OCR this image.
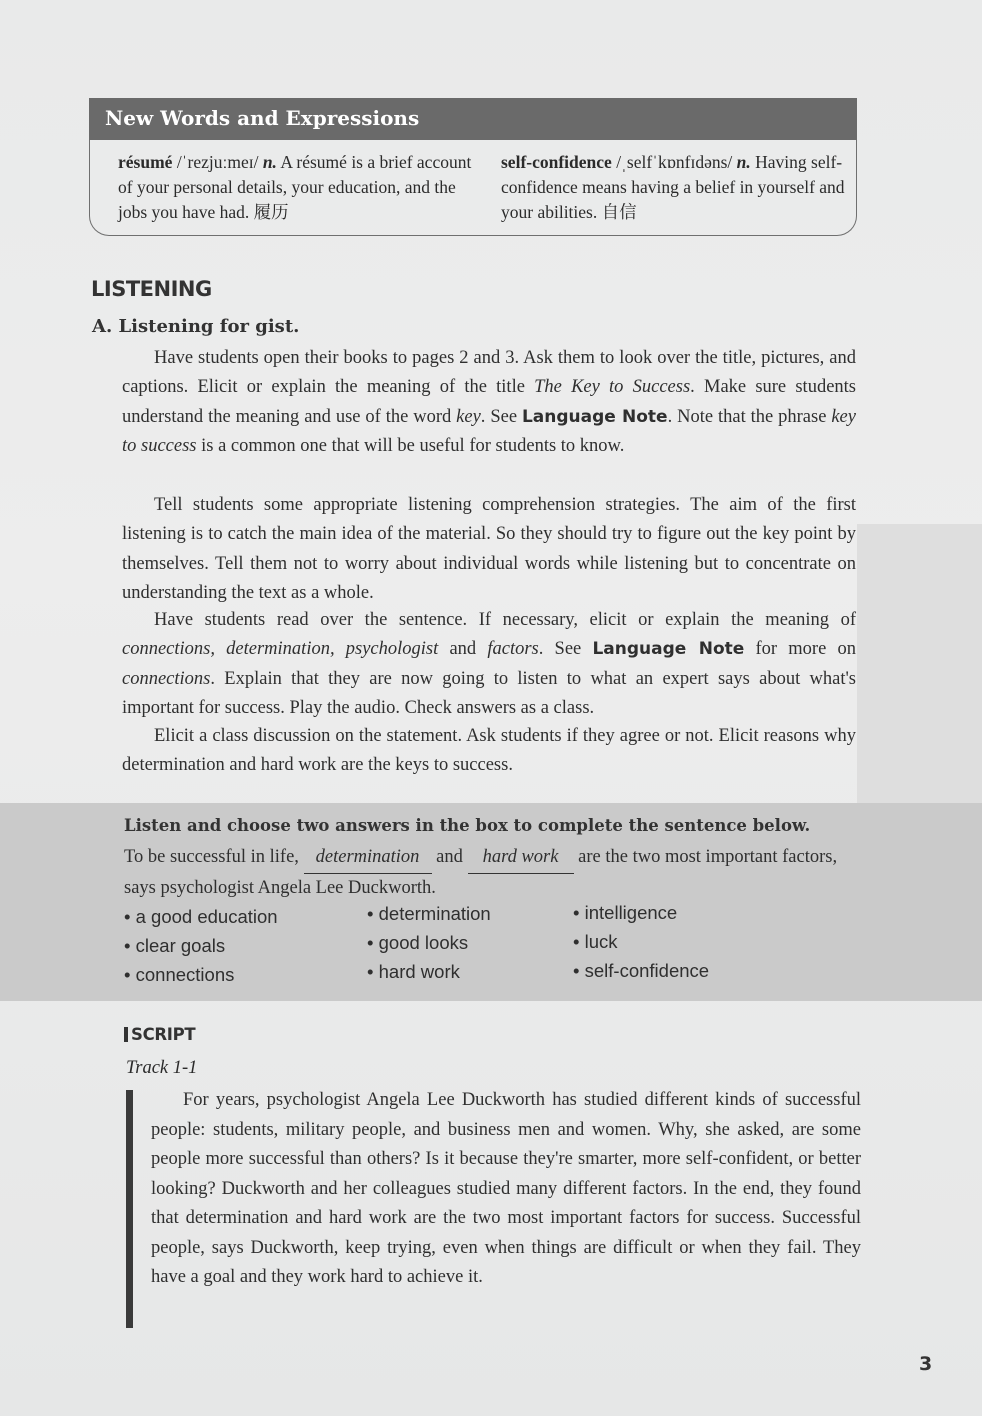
New Words and Expressions
résumé /ˈrezjuːmeɪ/ n. A résumé is a brief account of your personal details, your education, and the jobs you have had. 履历
self-confidence /ˌselfˈkɒnfɪdəns/ n. Having self-confidence means having a belief in yourself and your abilities. 自信
LISTENING
A. Listening for gist.

Have students open their books to pages 2 and 3. Ask them to look over the title, pictures, and captions. Elicit or explain the meaning of the title The Key to Success. Make sure students understand the meaning and use of the word key. See Language Note. Note that the phrase key to success is a common one that will be useful for students to know.

Tell students some appropriate listening comprehension strategies. The aim of the first listening is to catch the main idea of the material. So they should try to figure out the key point by themselves. Tell them not to worry about individual words while listening but to concentrate on understanding the text as a whole.

Have students read over the sentence. If necessary, elicit or explain the meaning of connections, determination, psychologist and factors. See Language Note for more on connections. Explain that they are now going to listen to what an expert says about what's important for success. Play the audio. Check answers as a class.

Elicit a class discussion on the statement. Ask students if they agree or not. Elicit reasons why determination and hard work are the keys to success.

Listen and choose two answers in the box to complete the sentence below.
To be successful in life, determination and hard work are the two most important factors, says psychologist Angela Lee Duckworth.
• a good education
• clear goals
• connections
• determination
• good looks
• hard work
• intelligence
• luck
• self-confidence
SCRIPT
Track 1-1

For years, psychologist Angela Lee Duckworth has studied different kinds of successful people: students, military people, and business men and women. Why, she asked, are some people more successful than others? Is it because they're smarter, more self-confident, or better looking? Duckworth and her colleagues studied many different factors. In the end, they found that determination and hard work are the two most important factors for success. Successful people, says Duckworth, keep trying, even when things are difficult or when they fail. They have a goal and they work hard to achieve it.

3
